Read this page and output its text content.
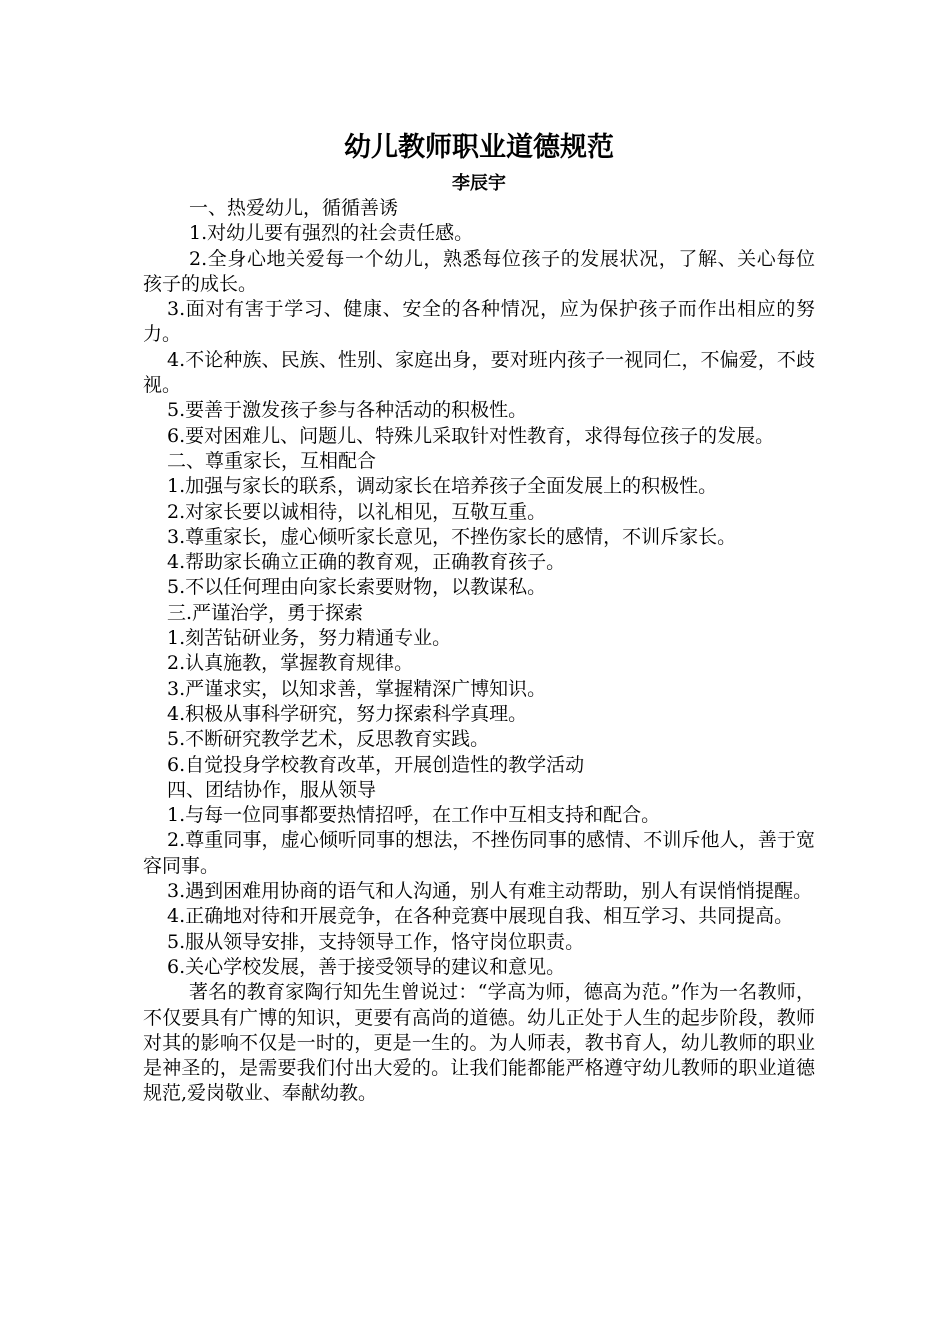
幼儿教师职业道德规范
李辰宇

一、热爱幼儿，循循善诱

1.对幼儿要有强烈的社会责任感。

2.全身心地关爱每一个幼儿，熟悉每位孩子的发展状况，了解、关心每位孩子的成长。

3.面对有害于学习、健康、安全的各种情况，应为保护孩子而作出相应的努力。

4.不论种族、民族、性别、家庭出身，要对班内孩子一视同仁，不偏爱，不歧视。

5.要善于激发孩子参与各种活动的积极性。

6.要对困难儿、问题儿、特殊儿采取针对性教育，求得每位孩子的发展。

二、尊重家长，互相配合

1.加强与家长的联系，调动家长在培养孩子全面发展上的积极性。

2.对家长要以诚相待，以礼相见，互敬互重。

3.尊重家长，虚心倾听家长意见，不挫伤家长的感情，不训斥家长。

4.帮助家长确立正确的教育观，正确教育孩子。

5.不以任何理由向家长索要财物，以教谋私。

三.严谨治学，勇于探索

1.刻苦钻研业务，努力精通专业。

2.认真施教，掌握教育规律。

3.严谨求实，以知求善，掌握精深广博知识。

4.积极从事科学研究，努力探索科学真理。

5.不断研究教学艺术，反思教育实践。

6.自觉投身学校教育改革，开展创造性的教学活动

四、团结协作，服从领导

1.与每一位同事都要热情招呼，在工作中互相支持和配合。

2.尊重同事，虚心倾听同事的想法，不挫伤同事的感情、不训斥他人，善于宽容同事。

3.遇到困难用协商的语气和人沟通，别人有难主动帮助，别人有误悄悄提醒。

4.正确地对待和开展竞争，在各种竞赛中展现自我、相互学习、共同提高。

5.服从领导安排，支持领导工作，恪守岗位职责。

6.关心学校发展，善于接受领导的建议和意见。

著名的教育家陶行知先生曾说过：“学高为师，德高为范。”作为一名教师，不仅要具有广博的知识，更要有高尚的道德。幼儿正处于人生的起步阶段，教师对其的影响不仅是一时的，更是一生的。为人师表，教书育人，幼儿教师的职业是神圣的，是需要我们付出大爱的。让我们能都能严格遵守幼儿教师的职业道德规范,爱岗敬业、奉献幼教。
